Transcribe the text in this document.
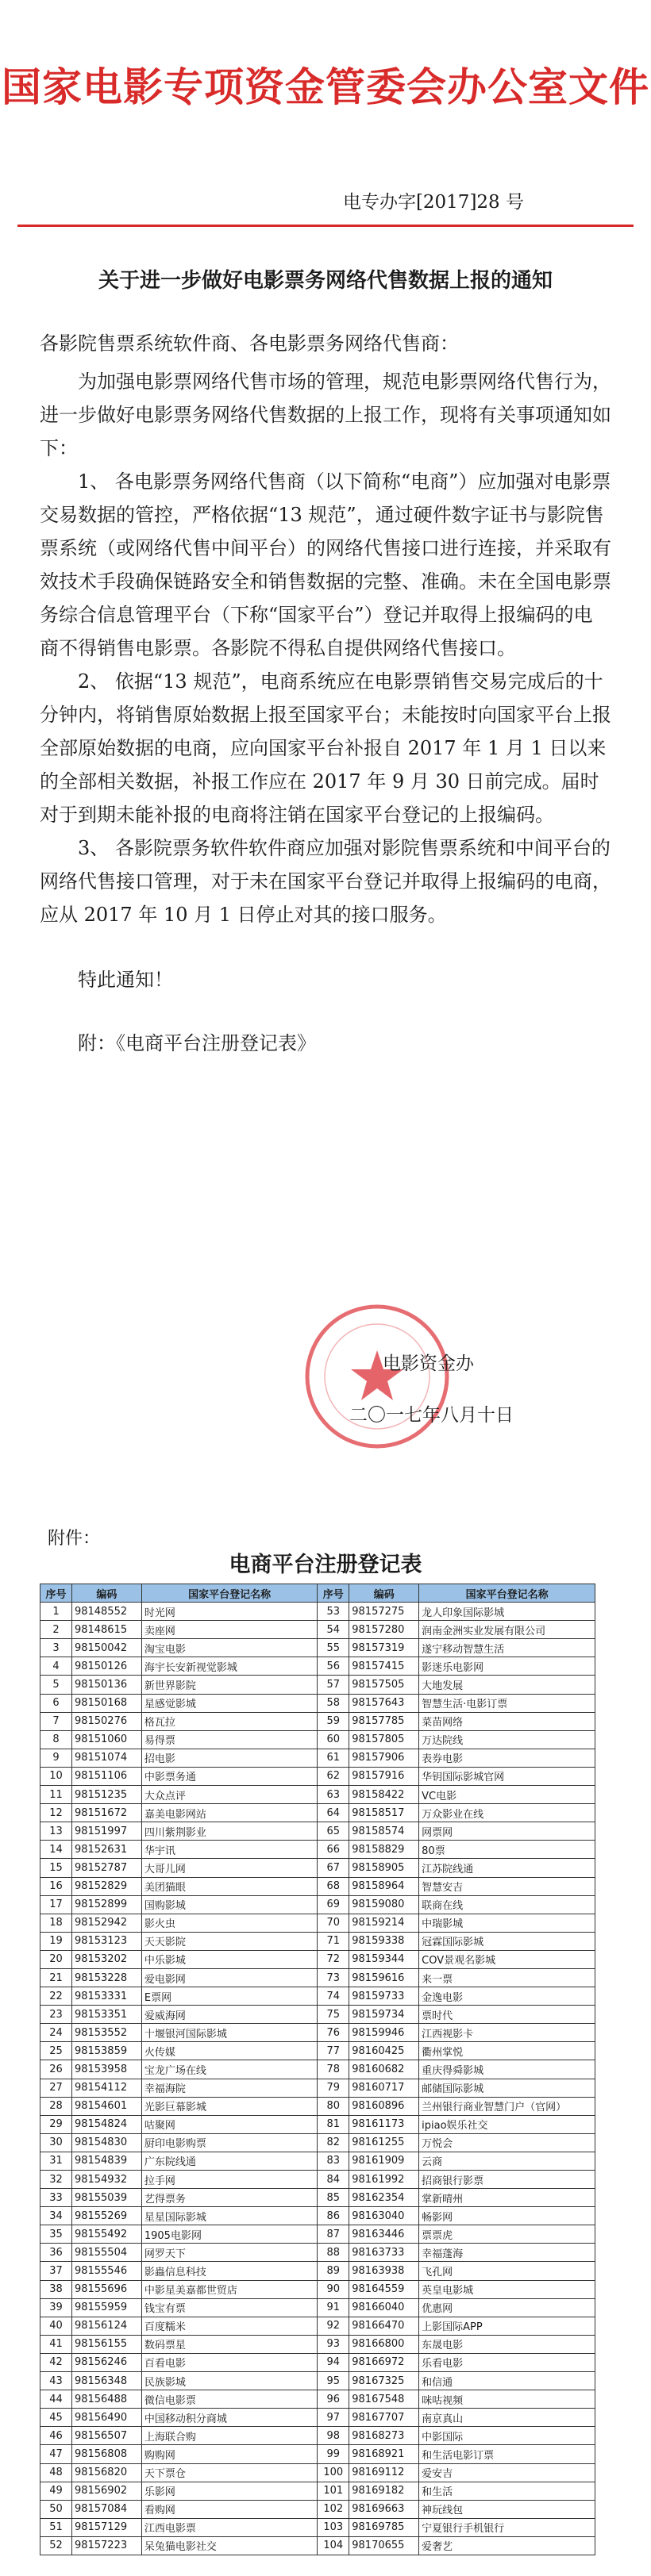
国家电影专项资金管委会办公室文件
电专办字[2017]28 号
关于进一步做好电影票务网络代售数据上报的通知
各影院售票系统软件商、各电影票务网络代售商：

为加强电影票网络代售市场的管理，规范电影票网络代售行为，进一步做好电影票务网络代售数据的上报工作，现将有关事项通知如下：

1、 各电影票务网络代售商（以下简称“电商”）应加强对电影票交易数据的管控，严格依据“13 规范”，通过硬件数字证书与影院售票系统（或网络代售中间平台）的网络代售接口进行连接，并采取有效技术手段确保链路安全和销售数据的完整、准确。未在全国电影票务综合信息管理平台（下称“国家平台”）登记并取得上报编码的电商不得销售电影票。各影院不得私自提供网络代售接口。

2、 依据“13 规范”，电商系统应在电影票销售交易完成后的十分钟内，将销售原始数据上报至国家平台；未能按时向国家平台上报全部原始数据的电商，应向国家平台补报自 2017 年 1 月 1 日以来的全部相关数据，补报工作应在 2017 年 9 月 30 日前完成。届时对于到期未能补报的电商将注销在国家平台登记的上报编码。

3、 各影院票务软件软件商应加强对影院售票系统和中间平台的网络代售接口管理，对于未在国家平台登记并取得上报编码的电商，应从 2017 年 10 月 1 日停止对其的接口服务。

特此通知！

附：《电商平台注册登记表》

电影资金办
二〇一七年八月十日
附件：
电商平台注册登记表
序号	编码	国家平台登记名称	序号	编码	国家平台登记名称
1	98148552	时光网	53	98157275	龙人印象国际影城
2	98148615	卖座网	54	98157280	润南金洲实业发展有限公司
3	98150042	淘宝电影	55	98157319	遂宁移动智慧生活
4	98150126	海宇长安新视觉影城	56	98157415	影迷乐电影网
5	98150136	新世界影院	57	98157505	大地发展
6	98150168	星感觉影城	58	98157643	智慧生活·电影订票
7	98150276	格瓦拉	59	98157785	菜苗网络
8	98151060	易得票	60	98157805	万达院线
9	98151074	招电影	61	98157906	表券电影
10	98151106	中影票务通	62	98157916	华钥国际影城官网
11	98151235	大众点评	63	98158422	VC电影
12	98151672	嘉美电影网站	64	98158517	万众影业在线
13	98151997	四川紫荆影业	65	98158574	网票网
14	98152631	华宇讯	66	98158829	80票
15	98152787	大哥儿网	67	98158905	江苏院线通
16	98152829	美团猫眼	68	98158964	智慧安吉
17	98152899	国购影城	69	98159080	联商在线
18	98152942	影火虫	70	98159214	中瑞影城
19	98153123	天天影院	71	98159338	冠霖国际影城
20	98153202	中乐影城	72	98159344	COV景观名影城
21	98153228	爱电影网	73	98159616	来一票
22	98153331	E票网	74	98159733	金逸电影
23	98153351	爱威海网	75	98159734	票时代
24	98153552	十堰银河国际影城	76	98159946	江西视影卡
25	98153859	火传媒	77	98160425	衢州掌悦
26	98153958	宝龙广场在线	78	98160682	重庆得舜影城
27	98154112	幸福海院	79	98160717	邮储国际影城
28	98154601	光影巨幕影城	80	98160896	兰州银行商业智慧门户（官网）
29	98154824	咕聚网	81	98161173	ipiao娱乐社交
30	98154830	厨印电影购票	82	98161255	万悦会
31	98154839	广东院线通	83	98161909	云商
32	98154932	拉手网	84	98161992	招商银行影票
33	98155039	艺得票务	85	98162354	掌新晴州
34	98155269	星星国际影城	86	98163040	畅影网
35	98155492	1905电影网	87	98163446	票票虎
36	98155504	网罗天下	88	98163733	幸福蓬海
37	98155546	影蟲信息科技	89	98163938	飞孔网
38	98155696	中影星美嘉都世贸店	90	98164559	英皇电影城
39	98155959	钱宝有票	91	98166040	优惠网
40	98156124	百度糯米	92	98166470	上影国际APP
41	98156155	数码票星	93	98166800	东晟电影
42	98156246	百看电影	94	98166972	乐看电影
43	98156348	民族影城	95	98167325	和信通
44	98156488	微信电影票	96	98167548	咪咕视频
45	98156490	中国移动积分商城	97	98167707	南京真山
46	98156507	上海联合购	98	98168273	中影国际
47	98156808	购购网	99	98168921	和生活电影订票
48	98156820	天下票仓	100	98169112	爱安吉
49	98156902	乐影网	101	98169182	和生活
50	98157084	看购网	102	98169663	神玩线包
51	98157129	江西电影票	103	98169785	宁夏银行手机银行
52	98157223	呆兔猫电影社交	104	98170655	爱奢艺
